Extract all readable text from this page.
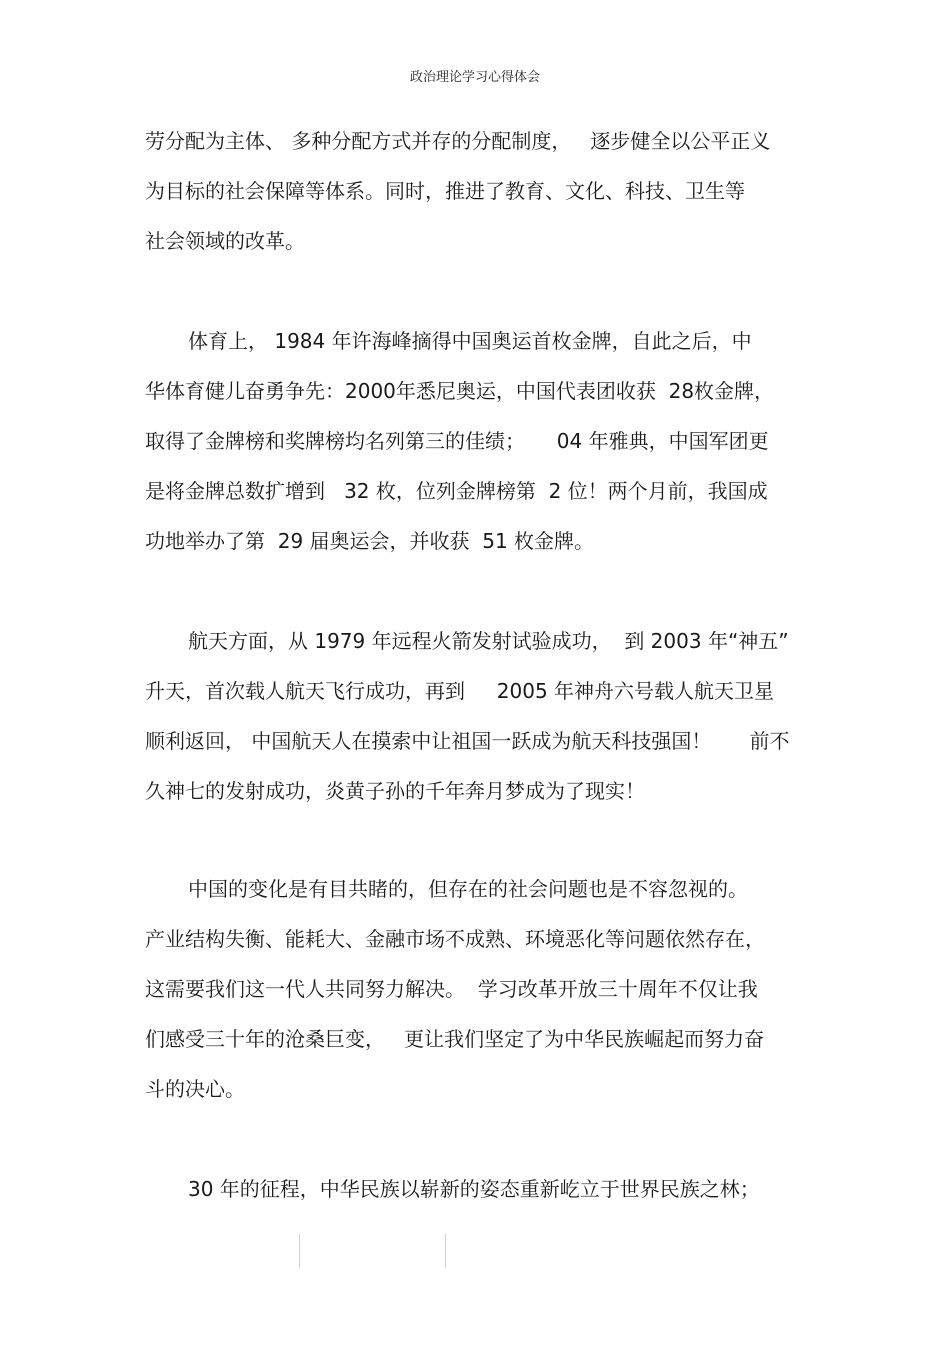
政治理论学习心得体会
劳分配为主体、 多种分配方式并存的分配制度，   逐步健全以公平正义
为目标的社会保障等体系。同时，推进了教育、文化、科技、卫生等
社会领域的改革。
体育上， 1984 年许海峰摘得中国奥运首枚金牌，自此之后，中
华体育健儿奋勇争先：2000年悉尼奥运，中国代表团收获  28枚金牌，
取得了金牌榜和奖牌榜均名列第三的佳绩；     04 年雅典，中国军团更
是将金牌总数扩增到   32 枚，位列金牌榜第  2 位！两个月前，我国成
功地举办了第  29 届奥运会，并收获  51 枚金牌。
航天方面，从 1979 年远程火箭发射试验成功，  到 2003 年“神五”
升天，首次载人航天飞行成功，再到     2005 年神舟六号载人航天卫星
顺利返回， 中国航天人在摸索中让祖国一跃成为航天科技强国！      前不
久神七的发射成功，炎黄子孙的千年奔月梦成为了现实！
中国的变化是有目共睹的，但存在的社会问题也是不容忽视的。
产业结构失衡、能耗大、金融市场不成熟、环境恶化等问题依然存在，
这需要我们这一代人共同努力解决。  学习改革开放三十周年不仅让我
们感受三十年的沧桑巨变，   更让我们坚定了为中华民族崛起而努力奋
斗的决心。
30 年的征程，中华民族以崭新的姿态重新屹立于世界民族之林；
